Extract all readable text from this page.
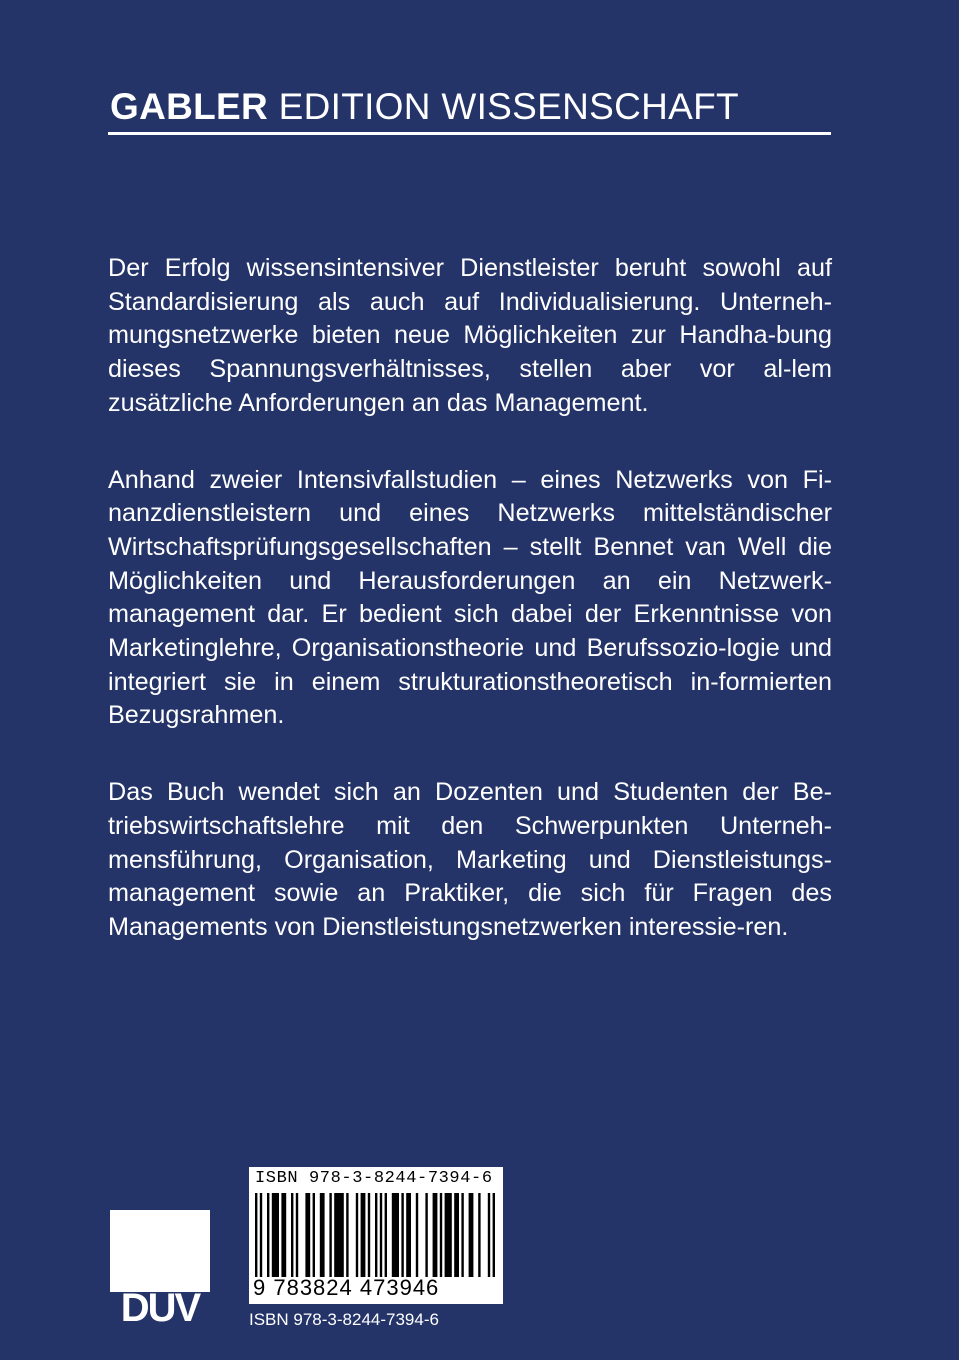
GABLER EDITION WISSENSCHAFT

Der Erfolg wissensintensiver Dienstleister beruht sowohl auf Standardisierung als auch auf Individualisierung. Unterneh-mungsnetzwerke bieten neue Möglichkeiten zur Handha-bung dieses Spannungsverhältnisses, stellen aber vor al-lem zusätzliche Anforderungen an das Management.

Anhand zweier Intensivfallstudien – eines Netzwerks von Fi-nanzdienstleistern und eines Netzwerks mittelständischer Wirtschaftsprüfungsgesellschaften – stellt Bennet van Well die Möglichkeiten und Herausforderungen an ein Netzwerk-management dar. Er bedient sich dabei der Erkenntnisse von Marketinglehre, Organisationstheorie und Berufssozio-logie und integriert sie in einem strukturationstheoretisch in-formierten Bezugsrahmen.

Das Buch wendet sich an Dozenten und Studenten der Be-triebswirtschaftslehre mit den Schwerpunkten Unterneh-mensführung, Organisation, Marketing und Dienstleistungs-management sowie an Praktiker, die sich für Fragen des Managements von Dienstleistungsnetzwerken interessie-ren.

DUV
ISBN 978-3-8244-7394-6
9 783824 473946
ISBN 978-3-8244-7394-6
